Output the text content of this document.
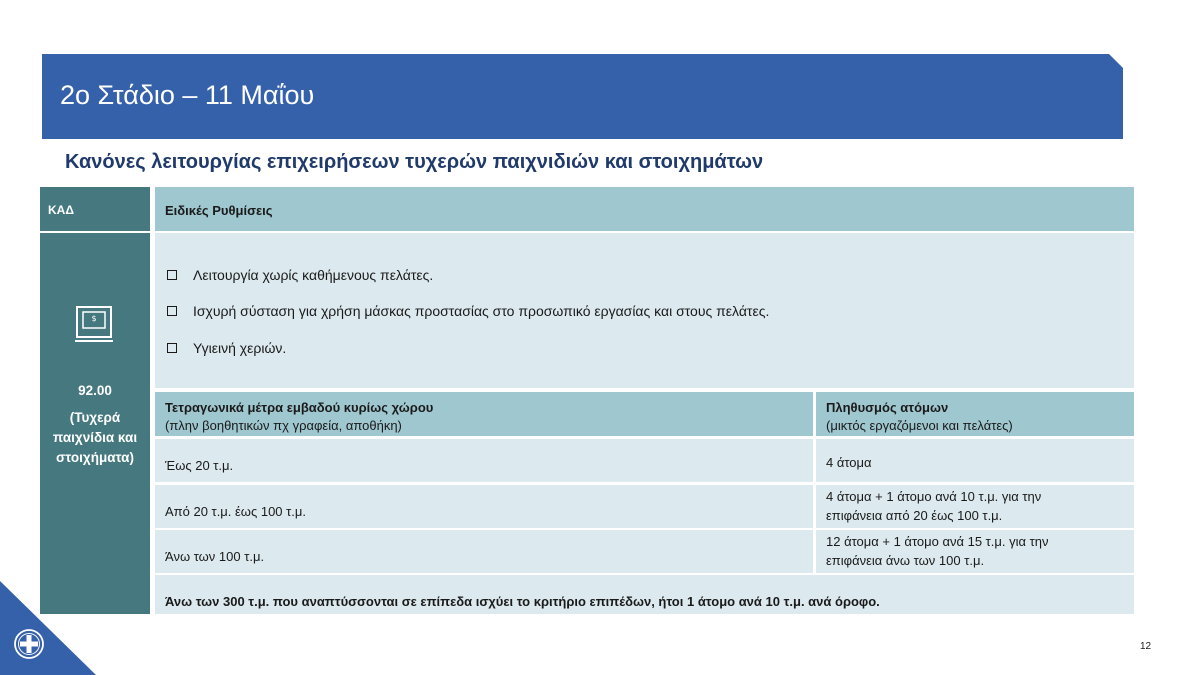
2ο Στάδιο – 11 Μαΐου
Κανόνες λειτουργίας επιχειρήσεων τυχερών παιχνιδιών και στοιχημάτων
ΚΑΔ	Ειδικές Ρυθμίσεις
$
92.00
(Τυχερά
παιχνίδια και
στοιχήματα)
Λειτουργία χωρίς καθήμενους πελάτες.
Ισχυρή σύσταση για χρήση μάσκας προστασίας στο προσωπικό εργασίας και στους πελάτες.
Υγιεινή χεριών.
Τετραγωνικά μέτρα εμβαδού κυρίως χώρου
(πλην βοηθητικών πχ γραφεία, αποθήκη)
Πληθυσμός ατόμων
(μικτός εργαζόμενοι και πελάτες)
Έως 20 τ.μ.	4 άτομα
Από 20 τ.μ. έως 100 τ.μ.
4 άτομα + 1 άτομο ανά 10 τ.μ. για την
επιφάνεια από 20 έως 100 τ.μ.
Άνω των 100 τ.μ.
12 άτομα + 1 άτομο ανά 15 τ.μ. για την
επιφάνεια άνω των 100 τ.μ.
Άνω των 300 τ.μ. που αναπτύσσονται σε επίπεδα ισχύει το κριτήριο επιπέδων, ήτοι 1 άτομο ανά 10 τ.μ. ανά όροφο.
12
